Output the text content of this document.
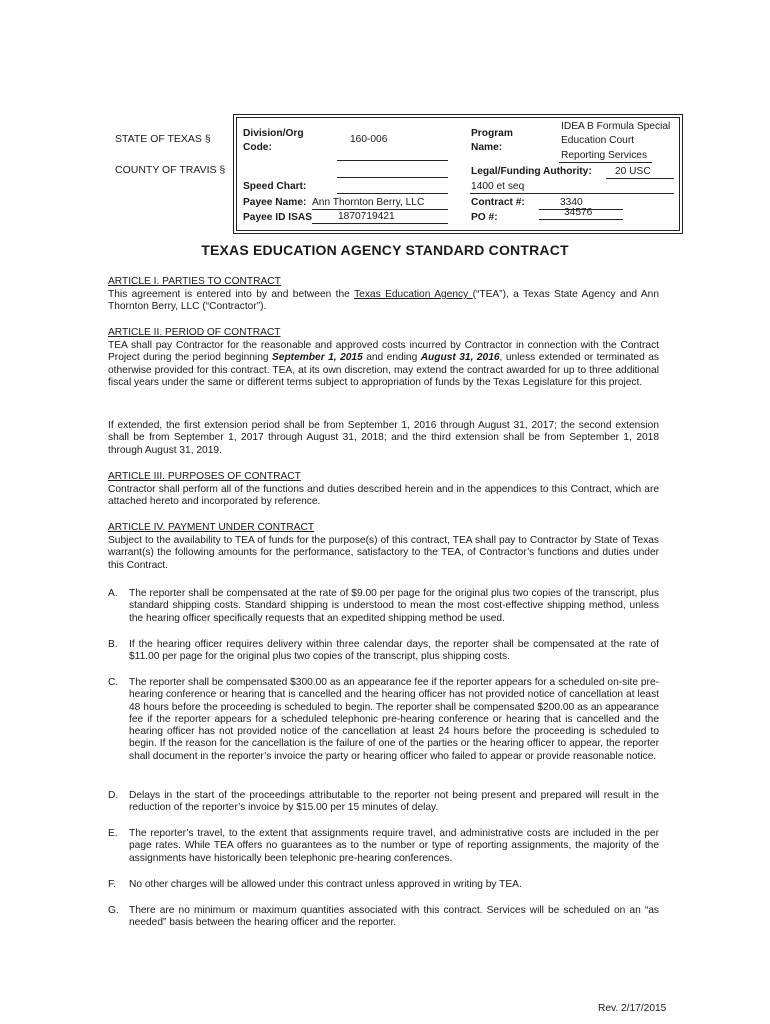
STATE OF TEXAS §
COUNTY OF TRAVIS §
Division/Org
Code:
160-006
Speed Chart:
Payee Name: Ann Thornton Berry, LLC
Payee ID ISAS	1870719421
Program
Name:
IDEA B Formula Special
Education Court
Reporting Services
Legal/Funding Authority: 20 USC
1400 et seq
Contract #:	3340
PO #:	34576
TEXAS EDUCATION AGENCY STANDARD CONTRACT
ARTICLE I. PARTIES TO CONTRACT
This agreement is entered into by and between the Texas Education Agency (“TEA”), a Texas State Agency and Ann Thornton Berry, LLC (“Contractor”).
ARTICLE II. PERIOD OF CONTRACT
TEA shall pay Contractor for the reasonable and approved costs incurred by Contractor in connection with the Contract Project during the period beginning September 1, 2015 and ending August 31, 2016, unless extended or terminated as otherwise provided for this contract. TEA, at its own discretion, may extend the contract awarded for up to three additional fiscal years under the same or different terms subject to appropriation of funds by the Texas Legislature for this project.
If extended, the first extension period shall be from September 1, 2016 through August 31, 2017; the second extension shall be from September 1, 2017 through August 31, 2018; and the third extension shall be from September 1, 2018 through August 31, 2019.
ARTICLE III. PURPOSES OF CONTRACT
Contractor shall perform all of the functions and duties described herein and in the appendices to this Contract, which are attached hereto and incorporated by reference.
ARTICLE IV. PAYMENT UNDER CONTRACT
Subject to the availability to TEA of funds for the purpose(s) of this contract, TEA shall pay to Contractor by State of Texas warrant(s) the following amounts for the performance, satisfactory to the TEA, of Contractor’s functions and duties under this Contract.
A. The reporter shall be compensated at the rate of $9.00 per page for the original plus two copies of the transcript, plus standard shipping costs. Standard shipping is understood to mean the most cost-effective shipping method, unless the hearing officer specifically requests that an expedited shipping method be used.
B. If the hearing officer requires delivery within three calendar days, the reporter shall be compensated at the rate of $11.00 per page for the original plus two copies of the transcript, plus shipping costs.
C. The reporter shall be compensated $300.00 as an appearance fee if the reporter appears for a scheduled on-site pre-hearing conference or hearing that is cancelled and the hearing officer has not provided notice of cancellation at least 48 hours before the proceeding is scheduled to begin. The reporter shall be compensated $200.00 as an appearance fee if the reporter appears for a scheduled telephonic pre-hearing conference or hearing that is cancelled and the hearing officer has not provided notice of the cancellation at least 24 hours before the proceeding is scheduled to begin. If the reason for the cancellation is the failure of one of the parties or the hearing officer to appear, the reporter shall document in the reporter’s invoice the party or hearing officer who failed to appear or provide reasonable notice.
D. Delays in the start of the proceedings attributable to the reporter not being present and prepared will result in the reduction of the reporter’s invoice by $15.00 per 15 minutes of delay.
E. The reporter’s travel, to the extent that assignments require travel, and administrative costs are included in the per page rates. While TEA offers no guarantees as to the number or type of reporting assignments, the majority of the assignments have historically been telephonic pre-hearing conferences.
F. No other charges will be allowed under this contract unless approved in writing by TEA.
G. There are no minimum or maximum quantities associated with this contract. Services will be scheduled on an “as needed” basis between the hearing officer and the reporter.
Rev. 2/17/2015
